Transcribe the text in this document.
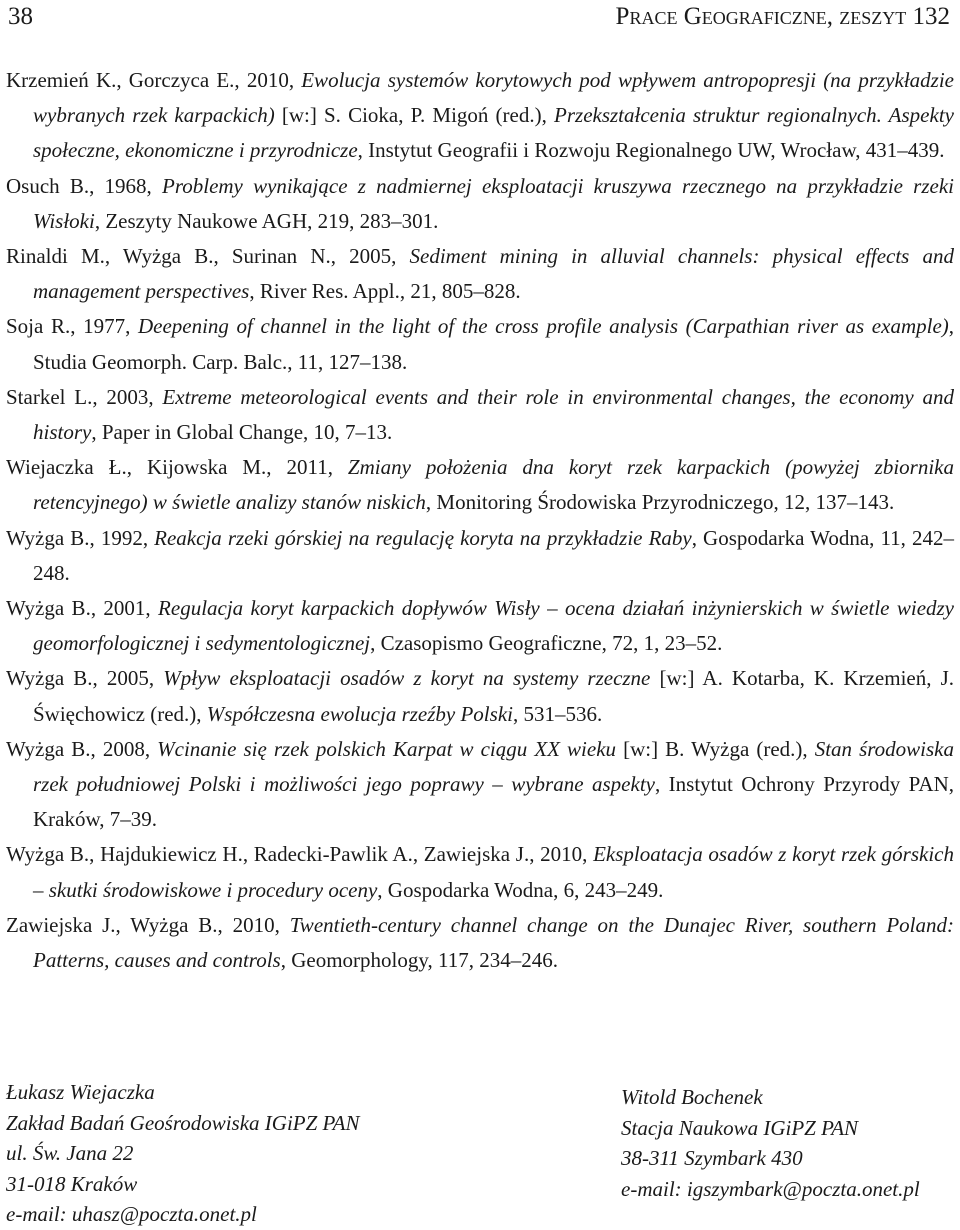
38	Prace Geograficzne, zeszyt 132

Krzemień K., Gorczyca E., 2010, Ewolucja systemów korytowych pod wpływem antropopresji (na przykładzie wybranych rzek karpackich) [w:] S. Cioka, P. Migoń (red.), Przekształcenia struktur regionalnych. Aspekty społeczne, ekonomiczne i przyrodnicze, Instytut Geografii i Rozwoju Regionalnego UW, Wrocław, 431–439.

Osuch B., 1968, Problemy wynikające z nadmiernej eksploatacji kruszywa rzecznego na przykładzie rzeki Wisłoki, Zeszyty Naukowe AGH, 219, 283–301.

Rinaldi M., Wyżga B., Surinan N., 2005, Sediment mining in alluvial channels: physical effects and management perspectives, River Res. Appl., 21, 805–828.

Soja R., 1977, Deepening of channel in the light of the cross profile analysis (Carpathian river as example), Studia Geomorph. Carp. Balc., 11, 127–138.

Starkel L., 2003, Extreme meteorological events and their role in environmental changes, the economy and history, Paper in Global Change, 10, 7–13.

Wiejaczka Ł., Kijowska M., 2011, Zmiany położenia dna koryt rzek karpackich (powyżej zbiornika retencyjnego) w świetle analizy stanów niskich, Monitoring Środowiska Przyrodniczego, 12, 137–143.

Wyżga B., 1992, Reakcja rzeki górskiej na regulację koryta na przykładzie Raby, Gospodarka Wodna, 11, 242–248.

Wyżga B., 2001, Regulacja koryt karpackich dopływów Wisły – ocena działań inżynierskich w świetle wiedzy geomorfologicznej i sedymentologicznej, Czasopismo Geograficzne, 72, 1, 23–52.

Wyżga B., 2005, Wpływ eksploatacji osadów z koryt na systemy rzeczne [w:] A. Kotarba, K. Krzemień, J. Święchowicz (red.), Współczesna ewolucja rzeźby Polski, 531–536.

Wyżga B., 2008, Wcinanie się rzek polskich Karpat w ciągu XX wieku [w:] B. Wyżga (red.), Stan środowiska rzek południowej Polski i możliwości jego poprawy – wybrane aspekty, Instytut Ochrony Przyrody PAN, Kraków, 7–39.

Wyżga B., Hajdukiewicz H., Radecki-Pawlik A., Zawiejska J., 2010, Eksploatacja osadów z koryt rzek górskich – skutki środowiskowe i procedury oceny, Gospodarka Wodna, 6, 243–249.

Zawiejska J., Wyżga B., 2010, Twentieth-century channel change on the Dunajec River, southern Poland: Patterns, causes and controls, Geomorphology, 117, 234–246.

Łukasz Wiejaczka
Zakład Badań Geośrodowiska IGiPZ PAN
ul. Św. Jana 22
31-018 Kraków
e-mail: uhasz@poczta.onet.pl
Witold Bochenek
Stacja Naukowa IGiPZ PAN
38-311 Szymbark 430
e-mail: igszymbark@poczta.onet.pl
